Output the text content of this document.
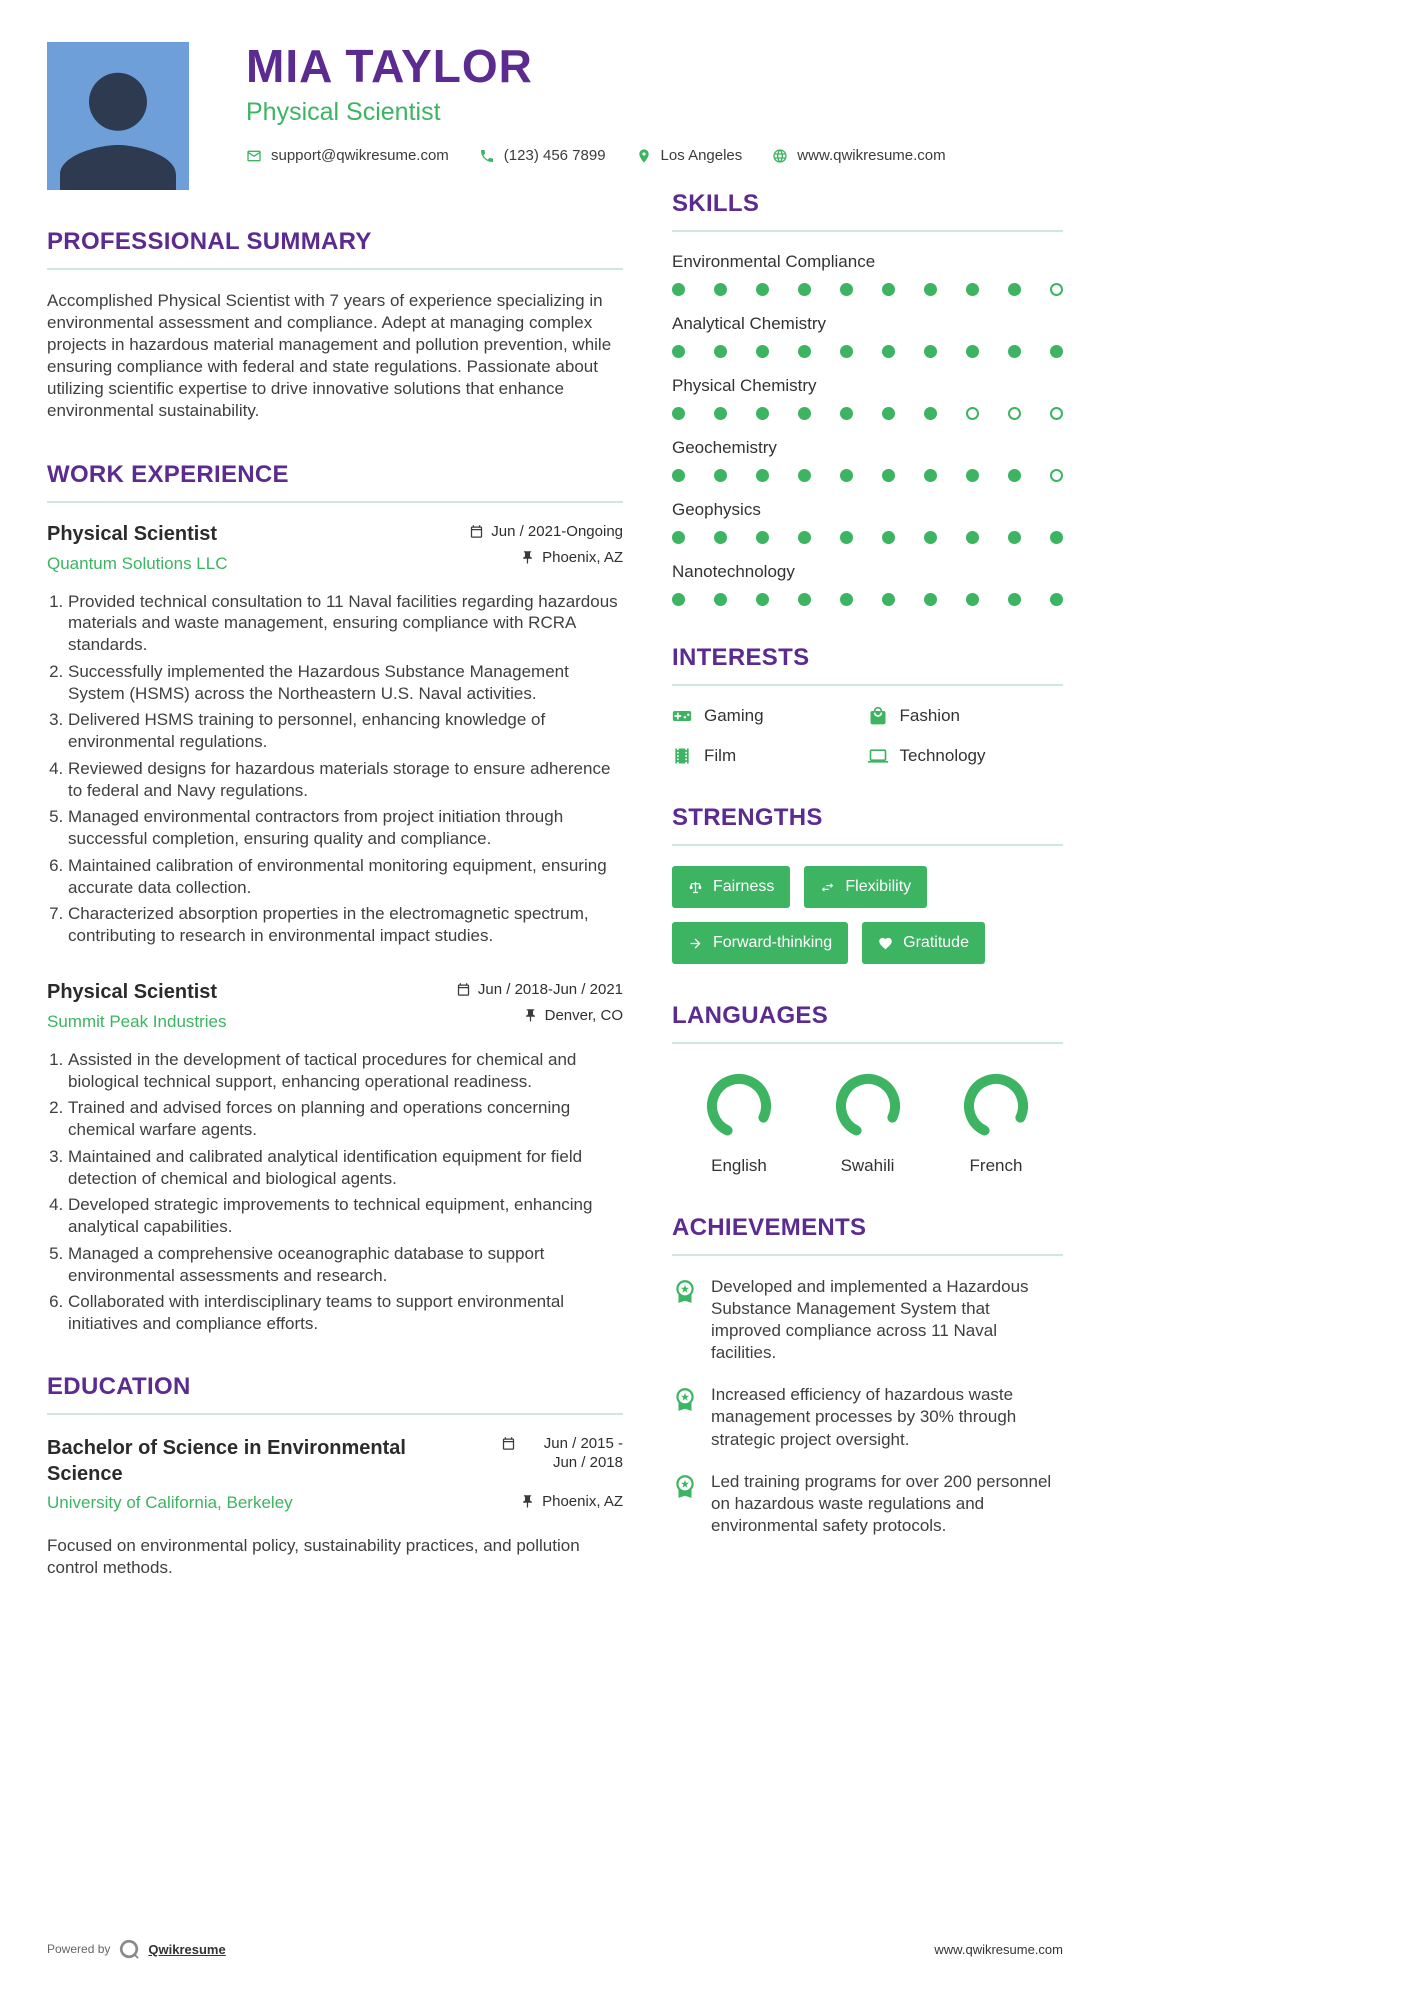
MIA TAYLOR
Physical Scientist
support@qwikresume.com	(123) 456 7899	Los Angeles	www.qwikresume.com
PROFESSIONAL SUMMARY

Accomplished Physical Scientist with 7 years of experience specializing in environmental assessment and compliance. Adept at managing complex projects in hazardous material management and pollution prevention, while ensuring compliance with federal and state regulations. Passionate about utilizing scientific expertise to drive innovative solutions that enhance environmental sustainability.

WORK EXPERIENCE
Physical Scientist
Quantum Solutions LLC
Jun / 2021-Ongoing
Phoenix, AZ
1. Provided technical consultation to 11 Naval facilities regarding hazardous materials and waste management, ensuring compliance with RCRA standards.
2. Successfully implemented the Hazardous Substance Management System (HSMS) across the Northeastern U.S. Naval activities.
3. Delivered HSMS training to personnel, enhancing knowledge of environmental regulations.
4. Reviewed designs for hazardous materials storage to ensure adherence to federal and Navy regulations.
5. Managed environmental contractors from project initiation through successful completion, ensuring quality and compliance.
6. Maintained calibration of environmental monitoring equipment, ensuring accurate data collection.
7. Characterized absorption properties in the electromagnetic spectrum, contributing to research in environmental impact studies.
Physical Scientist
Summit Peak Industries
Jun / 2018-Jun / 2021
Denver, CO
1. Assisted in the development of tactical procedures for chemical and biological technical support, enhancing operational readiness.
2. Trained and advised forces on planning and operations concerning chemical warfare agents.
3. Maintained and calibrated analytical identification equipment for field detection of chemical and biological agents.
4. Developed strategic improvements to technical equipment, enhancing analytical capabilities.
5. Managed a comprehensive oceanographic database to support environmental assessments and research.
6. Collaborated with interdisciplinary teams to support environmental initiatives and compliance efforts.
EDUCATION
Bachelor of Science in Environmental Science
Jun / 2015 - Jun / 2018
University of California, Berkeley	Phoenix, AZ

Focused on environmental policy, sustainability practices, and pollution control methods.

SKILLS
Environmental Compliance
Analytical Chemistry
Physical Chemistry
Geochemistry
Geophysics
Nanotechnology
INTERESTS
Gaming	Fashion
Film	Technology
STRENGTHS
Fairness	Flexibility
Forward-thinking	Gratitude
LANGUAGES
English	Swahili	French
ACHIEVEMENTS
Developed and implemented a Hazardous Substance Management System that improved compliance across 11 Naval facilities.
Increased efficiency of hazardous waste management processes by 30% through strategic project oversight.
Led training programs for over 200 personnel on hazardous waste regulations and environmental safety protocols.
Powered by	Qwikresume	www.qwikresume.com
